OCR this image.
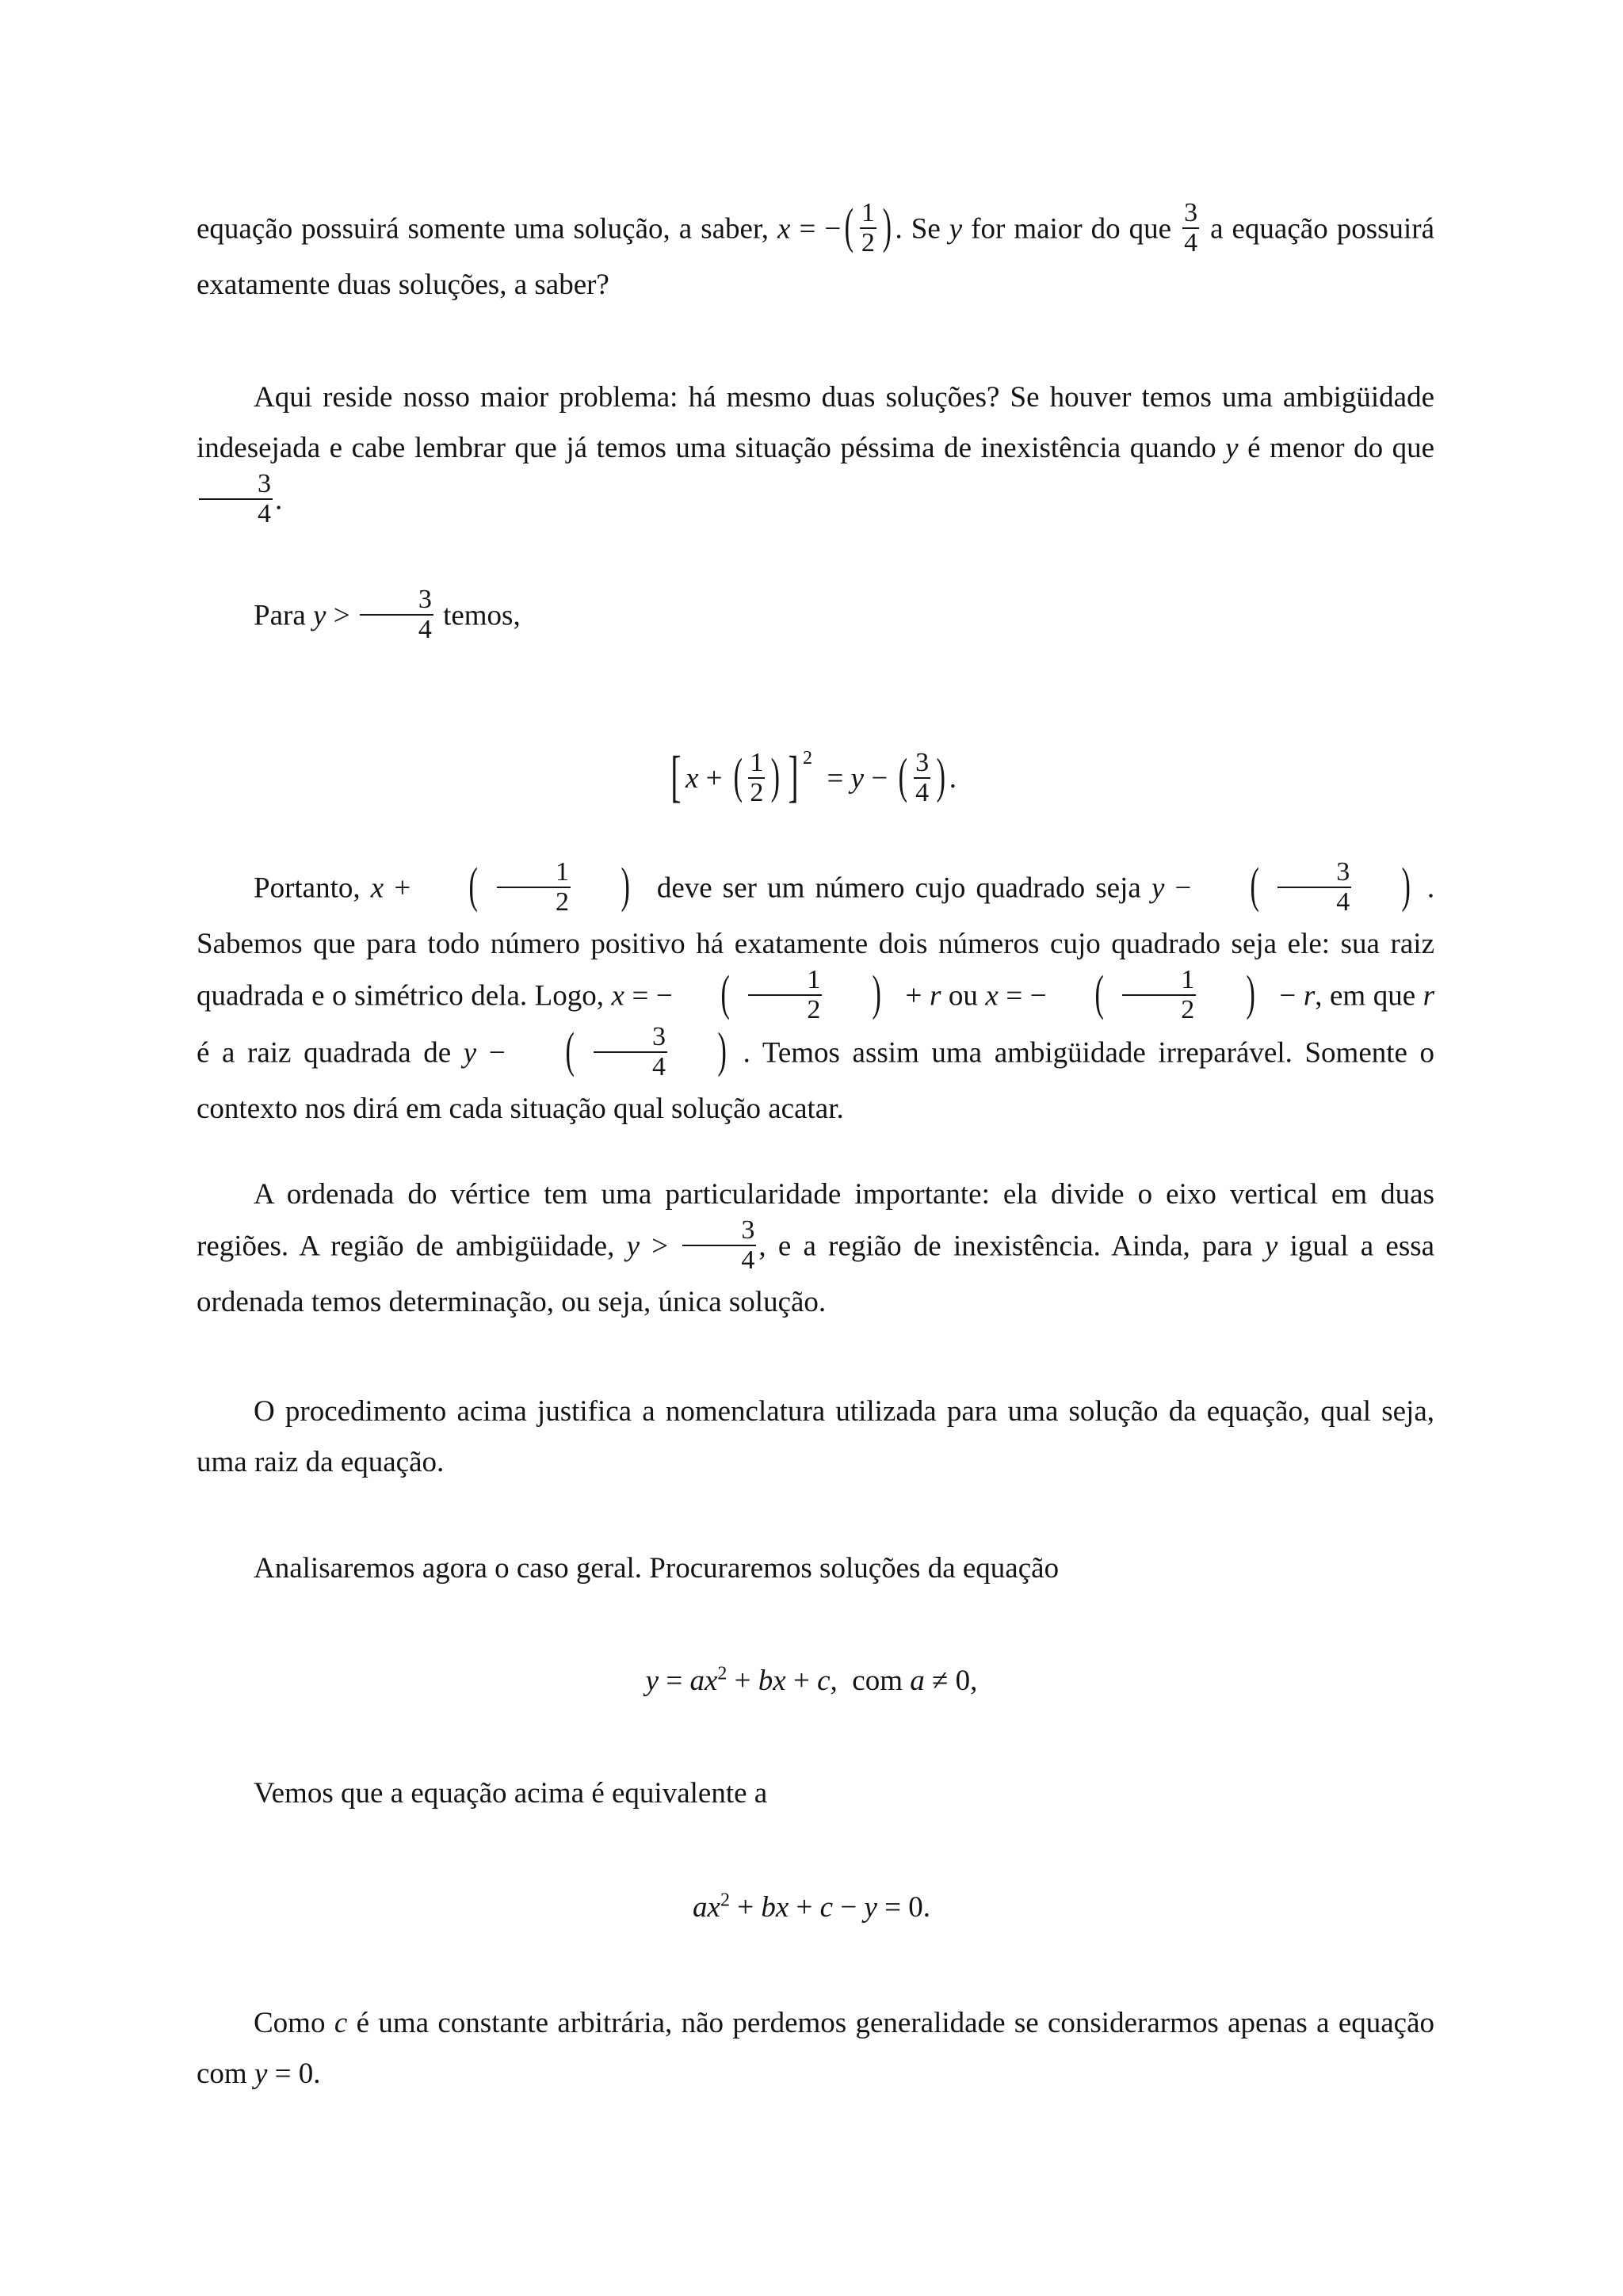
equação possuirá somente uma solução, a saber, x = −( $\frac{1}{2}$ ) . Se y for maior do que $\frac{3}{4}$ a equação possuirá exatamente duas soluções, a saber?
Aqui reside nosso maior problema: há mesmo duas soluções? Se houver temos uma ambigüidade indesejada e cabe lembrar que já temos uma situação péssima de inexistência quando y é menor do que
$\frac{3}{4}$ .
Para $y > \frac{3}{4}$ temos,
[ x + ( $\frac{1}{2}$ ) ] $^2$  = y − ( $\frac{3}{4}$ ) .
Portanto, x + ( $\frac{1}{2}$ ) deve ser um número cujo quadrado seja y − ( $\frac{3}{4}$ ) . Sabemos que para todo número positivo há exatamente dois números cujo quadrado seja ele: sua raiz quadrada e o simétrico dela. Logo, x = − ( $\frac{1}{2}$ ) + r ou x = − ( $\frac{1}{2}$ ) − r, em que r é a raiz quadrada de y − ( $\frac{3}{4}$ ) . Temos assim uma ambigüidade irreparável. Somente o contexto nos dirá em cada situação qual solução acatar.
A ordenada do vértice tem uma particularidade importante: ela divide o eixo vertical em duas regiões. A região de ambigüidade, $y > \frac{3}{4}$ , e a região de inexistência. Ainda, para y igual a essa ordenada temos determinação, ou seja, única solução.
O procedimento acima justifica a nomenclatura utilizada para uma solução da equação, qual seja, uma raiz da equação.
Analisaremos agora o caso geral. Procuraremos soluções da equação
$y = ax^2$ + bx + c, com a ≠ 0,
Vemos que a equação acima é equivalente a
$ax^2$ + bx + c − y = 0.
Como c é uma constante arbitrária, não perdemos generalidade se considerarmos apenas a equação com y = 0.
